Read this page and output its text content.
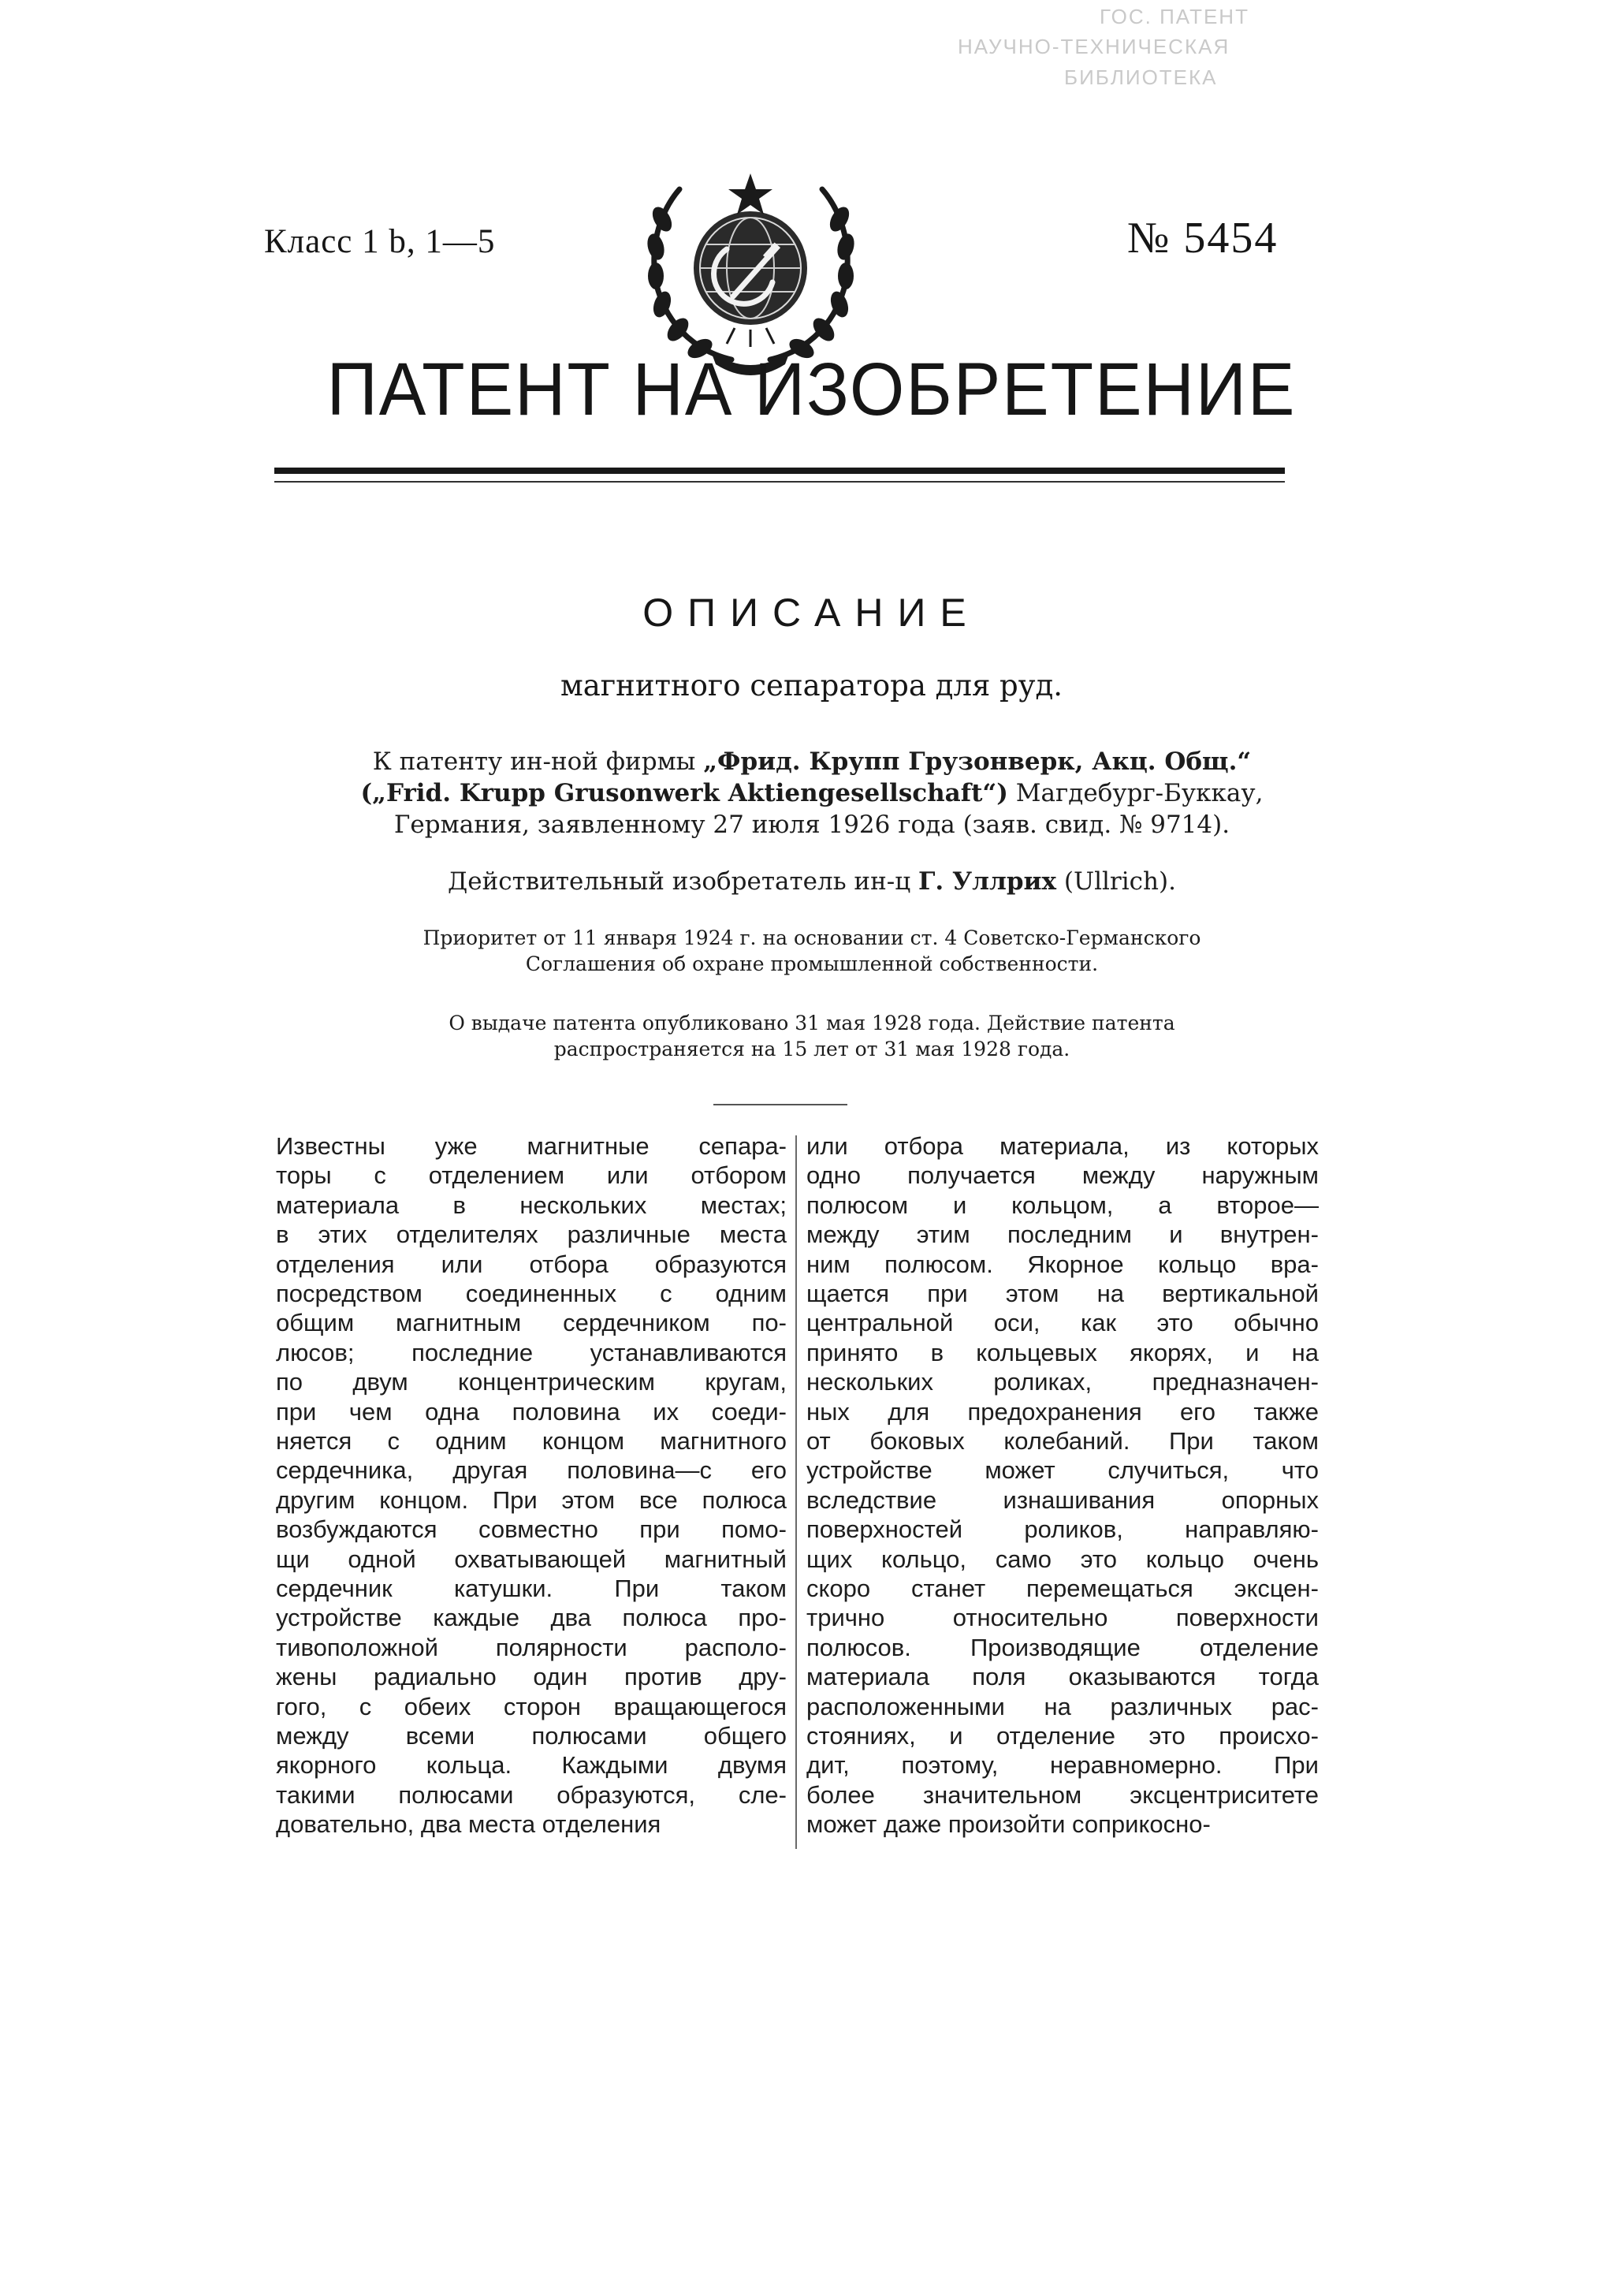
ГОС. ПАТЕНТ
НАУЧНО-ТЕХНИЧЕСКАЯ
БИБЛИОТЕКА
Класс 1 b, 1—5	№ 5454
ПАТЕНТ НА ИЗОБРЕТЕНИЕ
ОПИСАНИЕ
магнитного сепаратора для руд.
К патенту ин-ной фирмы „Фрид. Крупп Грузонверк, Акц. Общ.“
(„Frid. Krupp Grusonwerk Aktiengesellschaft“) Магдебург-Буккау,
Германия, заявленному 27 июля 1926 года (заяв. свид. № 9714).
Действительный изобретатель ин-ц Г. Уллрих (Ullrich).
Приоритет от 11 января 1924 г. на основании ст. 4 Советско-Германского
Соглашения об охране промышленной собственности.
О выдаче патента опубликовано 31 мая 1928 года. Действие патента
распространяется на 15 лет от 31 мая 1928 года.
Известны уже магнитные сепара-
торы с отделением или отбором
материала в нескольких местах;
в этих отделителях различные места
отделения или отбора образуются
посредством соединенных с одним
общим магнитным сердечником по-
люсов; последние устанавливаются
по двум концентрическим кругам,
при чем одна половина их соеди-
няется с одним концом магнитного
сердечника, другая половина—с его
другим концом. При этом все полюса
возбуждаются совместно при помо-
щи одной охватывающей магнитный
сердечник катушки. При таком
устройстве каждые два полюса про-
тивоположной полярности располо-
жены радиально один против дру-
гого, с обеих сторон вращающегося
между всеми полюсами общего
якорного кольца. Каждыми двумя
такими полюсами образуются, сле-
довательно, два места отделения
или отбора материала, из которых
одно получается между наружным
полюсом и кольцом, а второе—
между этим последним и внутрен-
ним полюсом. Якорное кольцо вра-
щается при этом на вертикальной
центральной оси, как это обычно
принято в кольцевых якорях, и на
нескольких роликах, предназначен-
ных для предохранения его также
от боковых колебаний. При таком
устройстве может случиться, что
вследствие изнашивания опорных
поверхностей роликов, направляю-
щих кольцо, само это кольцо очень
скоро станет перемещаться эксцен-
трично относительно поверхности
полюсов. Производящие отделение
материала поля оказываются тогда
расположенными на различных рас-
стояниях, и отделение это происхо-
дит, поэтому, неравномерно. При
более значительном эксцентриситете
может даже произойти соприкосно-
